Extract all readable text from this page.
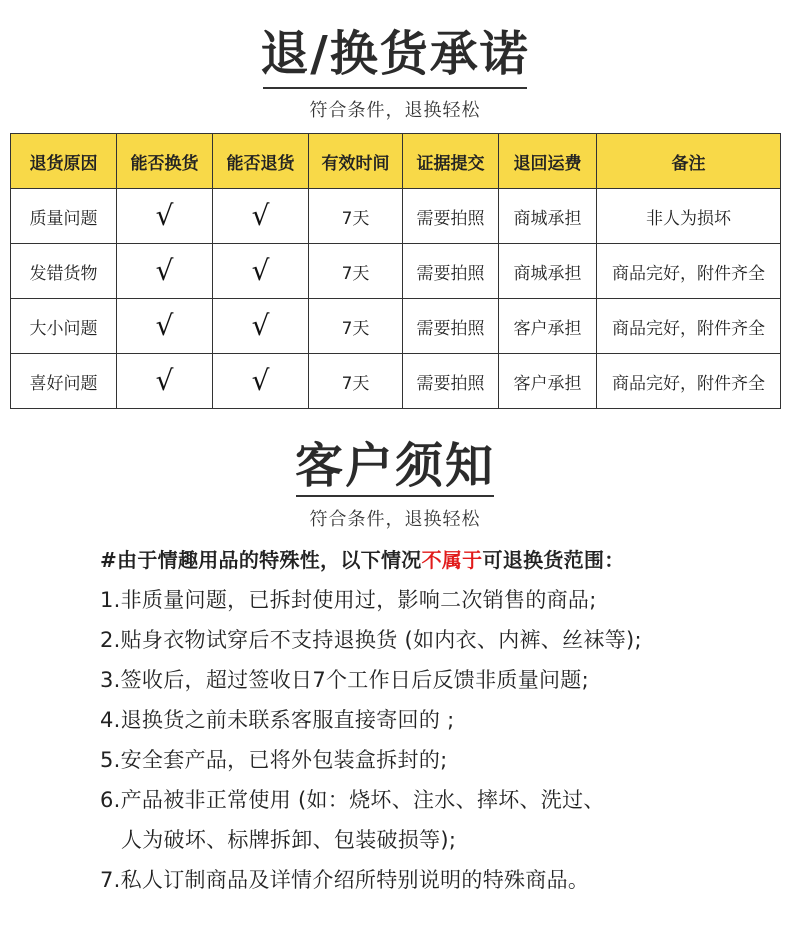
退/换货承诺
符合条件，退换轻松
退货原因	能否换货	能否退货	有效时间	证据提交	退回运费	备注
质量问题	√	√	7天	需要拍照	商城承担	非人为损坏
发错货物	√	√	7天	需要拍照	商城承担	商品完好，附件齐全
大小问题	√	√	7天	需要拍照	客户承担	商品完好，附件齐全
喜好问题	√	√	7天	需要拍照	客户承担	商品完好，附件齐全
客户须知
符合条件，退换轻松
#由于情趣用品的特殊性，以下情况不属于可退换货范围：
1.非质量问题，已拆封使用过，影响二次销售的商品;
2.贴身衣物试穿后不支持退换货 (如内衣、内裤、丝袜等);
3.签收后，超过签收日7个工作日后反馈非质量问题;
4.退换货之前未联系客服直接寄回的 ;
5.安全套产品，已将外包装盒拆封的;
6.产品被非正常使用 (如：烧坏、注水、摔坏、洗过、
人为破坏、标牌拆卸、包装破损等);
7.私人订制商品及详情介绍所特别说明的特殊商品。
